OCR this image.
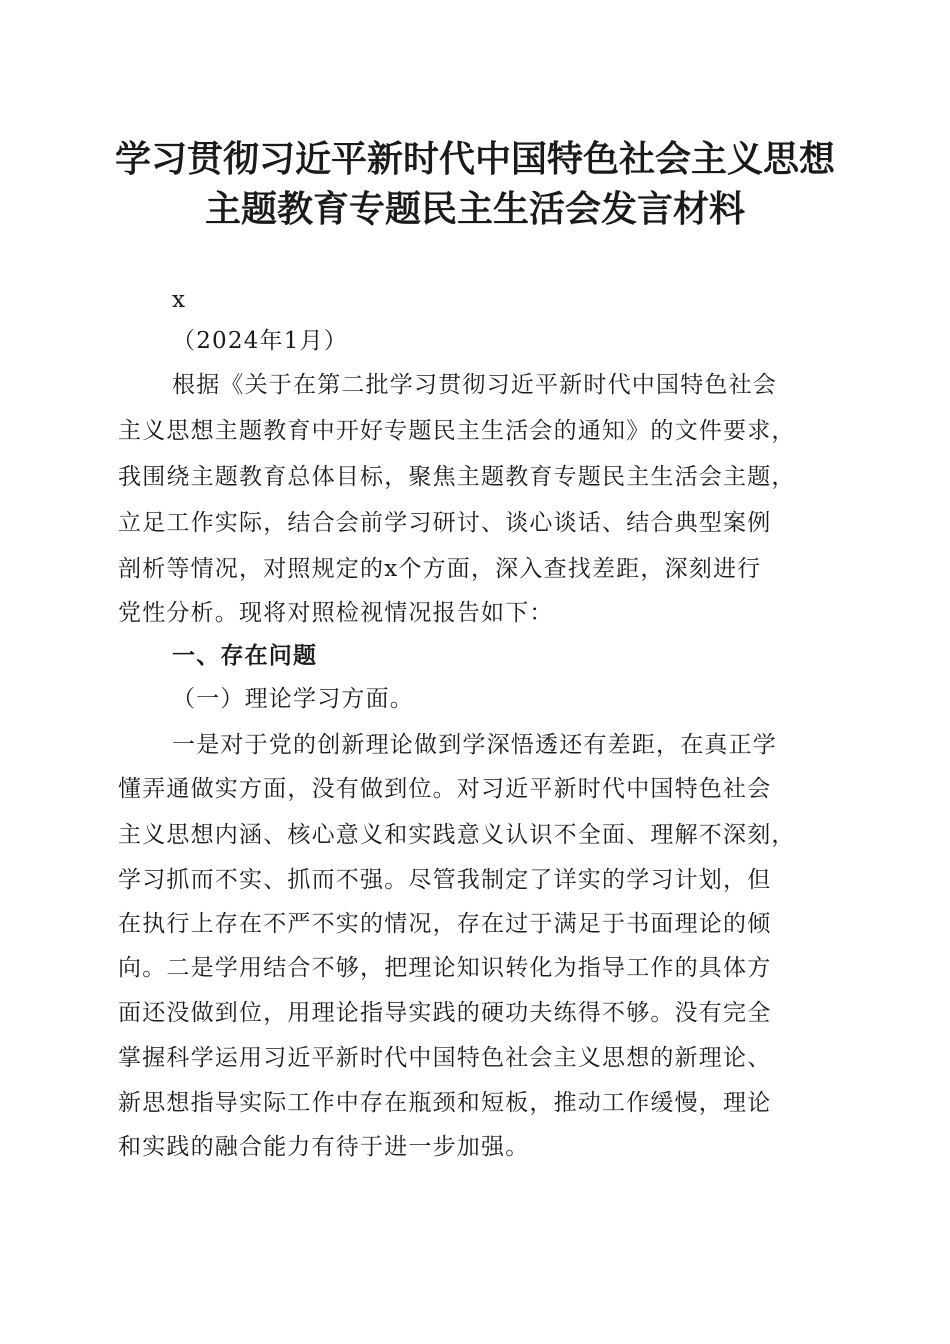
学习贯彻习近平新时代中国特色社会主义思想
主题教育专题民主生活会发言材料
x
（2024年1月）
根据《关于在第二批学习贯彻习近平新时代中国特色社会
主义思想主题教育中开好专题民主生活会的通知》的文件要求，
我围绕主题教育总体目标，聚焦主题教育专题民主生活会主题，
立足工作实际，结合会前学习研讨、谈心谈话、结合典型案例
剖析等情况，对照规定的x个方面，深入查找差距，深刻进行
党性分析。现将对照检视情况报告如下：
一、存在问题
（一）理论学习方面。
一是对于党的创新理论做到学深悟透还有差距，在真正学
懂弄通做实方面，没有做到位。对习近平新时代中国特色社会
主义思想内涵、核心意义和实践意义认识不全面、理解不深刻，
学习抓而不实、抓而不强。尽管我制定了详实的学习计划，但
在执行上存在不严不实的情况，存在过于满足于书面理论的倾
向。二是学用结合不够，把理论知识转化为指导工作的具体方
面还没做到位，用理论指导实践的硬功夫练得不够。没有完全
掌握科学运用习近平新时代中国特色社会主义思想的新理论、
新思想指导实际工作中存在瓶颈和短板，推动工作缓慢，理论
和实践的融合能力有待于进一步加强。
